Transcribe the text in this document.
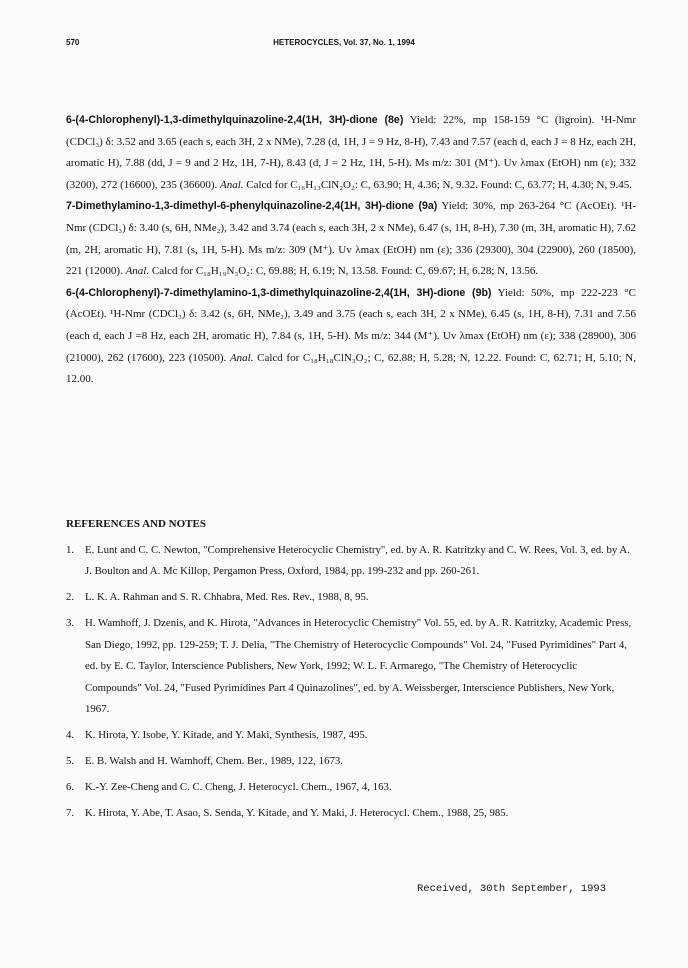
570	HETEROCYCLES, Vol. 37, No. 1, 1994

6-(4-Chlorophenyl)-1,3-dimethylquinazoline-2,4(1H, 3H)-dione (8e) Yield: 22%, mp 158-159 °C (ligroin). ¹H-Nmr (CDCl₃) δ: 3.52 and 3.65 (each s, each 3H, 2 x NMe), 7.28 (d, 1H, J = 9 Hz, 8-H), 7.43 and 7.57 (each d, each J = 8 Hz, each 2H, aromatic H), 7.88 (dd, J = 9 and 2 Hz, 1H, 7-H), 8.43 (d, J = 2 Hz, 1H, 5-H). Ms m/z: 301 (M⁺). Uv λmax (EtOH) nm (ε); 332 (3200), 272 (16600), 235 (36600). Anal. Calcd for C₁₆H₁₃ClN₂O₂: C, 63.90; H, 4.36; N, 9.32. Found: C, 63.77; H, 4.30; N, 9.45.

7-Dimethylamino-1,3-dimethyl-6-phenylquinazoline-2,4(1H, 3H)-dione (9a) Yield: 30%, mp 263-264 °C (AcOEt). ¹H-Nmr (CDCl₃) δ: 3.40 (s, 6H, NMe₂), 3.42 and 3.74 (each s, each 3H, 2 x NMe), 6.47 (s, 1H, 8-H), 7.30 (m, 3H, aromatic H), 7.62 (m, 2H, aromatic H), 7.81 (s, 1H, 5-H). Ms m/z: 309 (M⁺). Uv λmax (EtOH) nm (ε); 336 (29300), 304 (22900), 260 (18500), 221 (12000). Anal. Calcd for C₁₈H₁₉N₃O₂: C, 69.88; H, 6.19; N, 13.58. Found: C, 69.67; H, 6.28; N, 13.56.

6-(4-Chlorophenyl)-7-dimethylamino-1,3-dimethylquinazoline-2,4(1H, 3H)-dione (9b) Yield: 50%, mp 222-223 °C (AcOEt). ¹H-Nmr (CDCl₃) δ: 3.42 (s, 6H, NMe₂), 3.49 and 3.75 (each s, each 3H, 2 x NMe), 6.45 (s, 1H, 8-H), 7.31 and 7.56 (each d, each J =8 Hz, each 2H, aromatic H), 7.84 (s, 1H, 5-H). Ms m/z: 344 (M⁺). Uv λmax (EtOH) nm (ε); 338 (28900), 306 (21000), 262 (17600), 223 (10500). Anal. Calcd for C₁₈H₁₈ClN₃O₂; C, 62.88; H, 5.28; N, 12.22. Found: C, 62.71; H, 5.10; N, 12.00.

REFERENCES AND NOTES
1. E. Lunt and C. C. Newton, "Comprehensive Heterocyclic Chemistry", ed. by A. R. Katritzky and C. W. Rees, Vol. 3, ed. by A. J. Boulton and A. Mc Killop, Pergamon Press, Oxford, 1984, pp. 199-232 and pp. 260-261.
2. L. K. A. Rahman and S. R. Chhabra, Med. Res. Rev., 1988, 8, 95.
3. H. Wamhoff, J. Dzenis, and K. Hirota, "Advances in Heterocyclic Chemistry" Vol. 55, ed. by A. R. Katritzky, Academic Press, San Diego, 1992, pp. 129-259; T. J. Delia, "The Chemistry of Heterocyclic Compounds" Vol. 24, "Fused Pyrimidines" Part 4, ed. by E. C. Taylor, Interscience Publishers, New York, 1992; W. L. F. Armarego, "The Chemistry of Heterocyclic Compounds" Vol. 24, "Fused Pyrimidines Part 4 Quinazolines", ed. by A. Weissberger, Interscience Publishers, New York, 1967.
4. K. Hirota, Y. Isobe, Y. Kitade, and Y. Maki, Synthesis, 1987, 495.
5. E. B. Walsh and H. Wamhoff, Chem. Ber., 1989, 122, 1673.
6. K.-Y. Zee-Cheng and C. C. Cheng, J. Heterocycl. Chem., 1967, 4, 163.
7. K. Hirota, Y. Abe, T. Asao, S. Senda, Y. Kitade, and Y. Maki, J. Heterocycl. Chem., 1988, 25, 985.
Received, 30th September, 1993
